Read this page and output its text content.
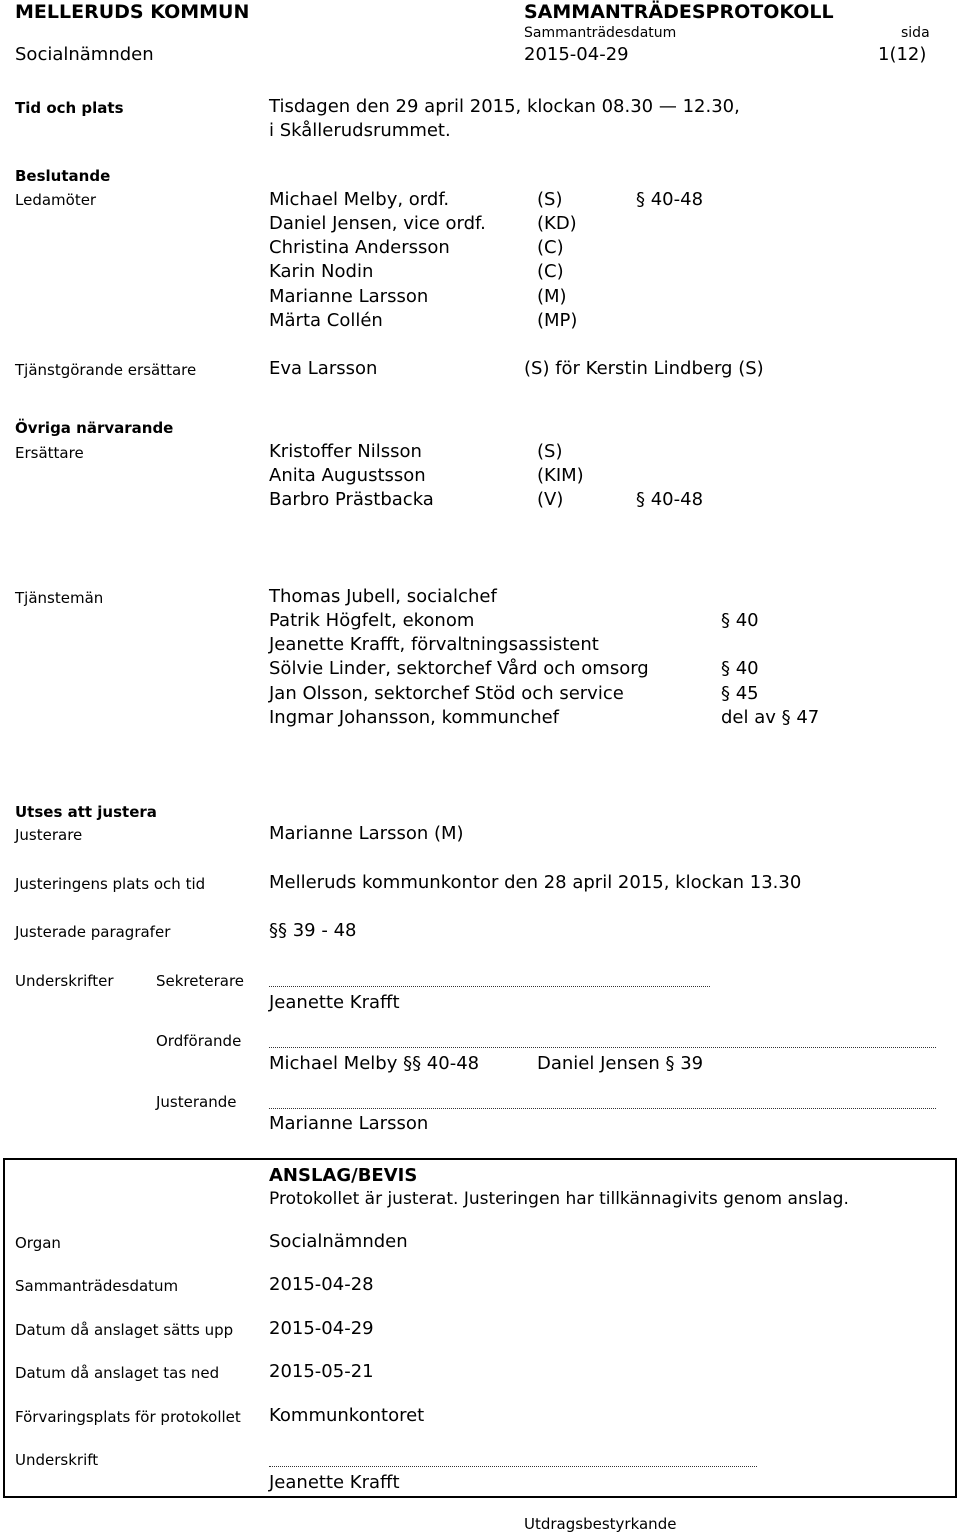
MELLERUDS KOMMUN	SAMMANTRÄDESPROTOKOLL
Sammanträdesdatum	sida
Socialnämnden	2015-04-29	1(12)
Tid och plats	Tisdagen den 29 april 2015, klockan 08.30 — 12.30,
i Skållerudsrummet.
Beslutande
Ledamöter	Michael Melby, ordf.	(S)	§ 40-48
Daniel Jensen, vice ordf.	(KD)
Christina Andersson	(C)
Karin Nodin	(C)
Marianne Larsson	(M)
Märta Collén	(MP)
Tjänstgörande ersättare	Eva Larsson	(S) för Kerstin Lindberg (S)
Övriga närvarande
Ersättare	Kristoffer Nilsson	(S)
Anita Augustsson	(KIM)
Barbro Prästbacka	(V)	§ 40-48
Tjänstemän	Thomas Jubell, socialchef
Patrik Högfelt, ekonom	§ 40
Jeanette Krafft, förvaltningsassistent
Sölvie Linder, sektorchef Vård och omsorg	§ 40
Jan Olsson, sektorchef Stöd och service	§ 45
Ingmar Johansson, kommunchef	del av § 47
Utses att justera
Justerare	Marianne Larsson (M)
Justeringens plats och tid	Melleruds kommunkontor den 28 april 2015, klockan 13.30
Justerade paragrafer	§§ 39 - 48
Underskrifter	Sekreterare
Jeanette Krafft
Ordförande
Michael Melby §§ 40-48	Daniel Jensen § 39
Justerande
Marianne Larsson
ANSLAG/BEVIS
Protokollet är justerat. Justeringen har tillkännagivits genom anslag.
Organ	Socialnämnden
Sammanträdesdatum	2015-04-28
Datum då anslaget sätts upp 2015-04-29
Datum då anslaget tas ned	2015-05-21
Förvaringsplats för protokollet Kommunkontoret
Underskrift
Jeanette Krafft
Utdragsbestyrkande
